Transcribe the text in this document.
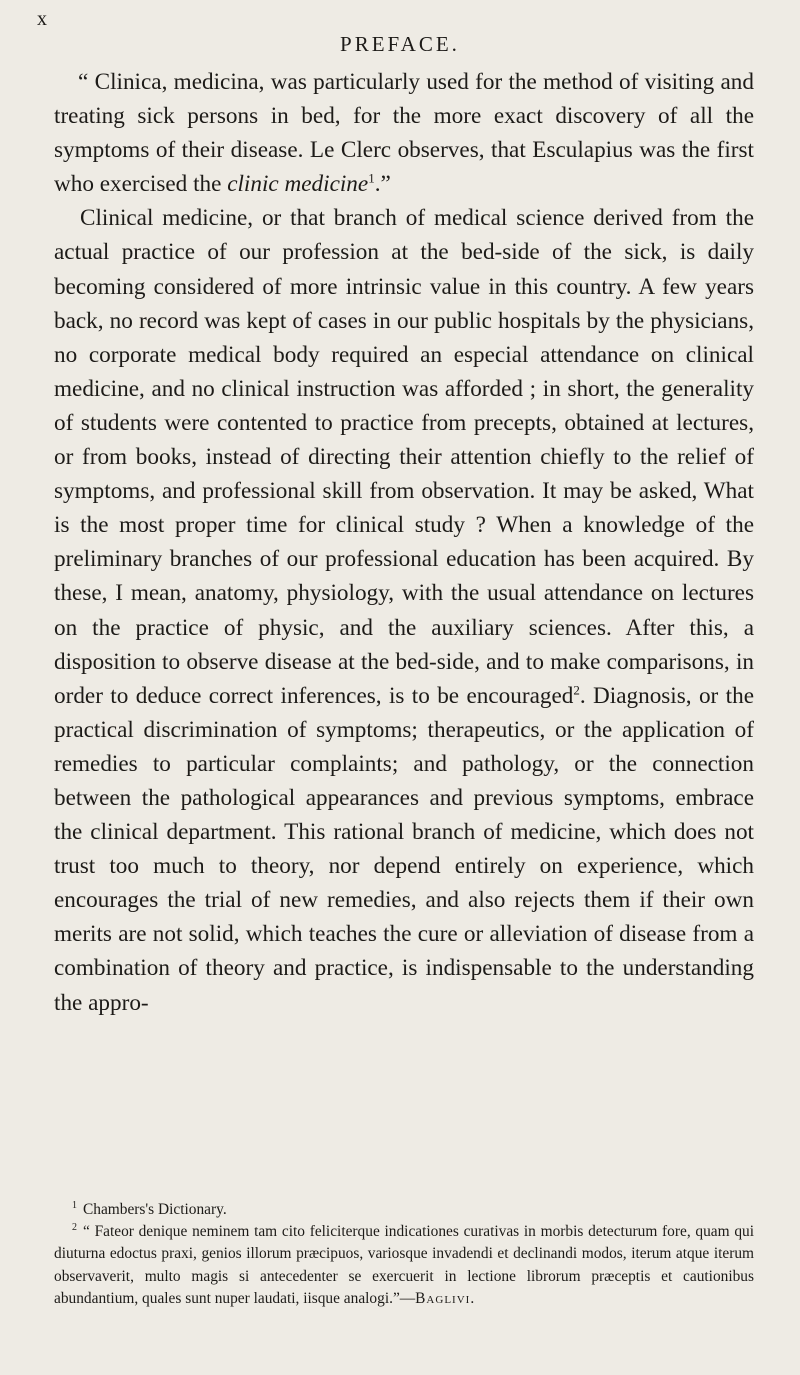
x
PREFACE.

“ Clinica, medicina, was particularly used for the method of visiting and treating sick persons in bed, for the more exact discovery of all the symptoms of their disease. Le Clerc observes, that Esculapius was the first who exercised the clinic medicine$^1$.”

Clinical medicine, or that branch of medical science derived from the actual practice of our profession at the bed-side of the sick, is daily becoming considered of more intrinsic value in this country. A few years back, no record was kept of cases in our public hospitals by the physicians, no corporate medical body required an especial attendance on clinical medicine, and no clinical instruction was afforded ; in short, the generality of students were contented to practice from precepts, obtained at lectures, or from books, instead of directing their attention chiefly to the relief of symptoms, and professional skill from observation. It may be asked, What is the most proper time for clinical study ? When a knowledge of the preliminary branches of our professional education has been acquired. By these, I mean, anatomy, physiology, with the usual attendance on lectures on the practice of physic, and the auxiliary sciences. After this, a disposition to observe disease at the bed-side, and to make comparisons, in order to deduce correct inferences, is to be encouraged$^2$. Diagnosis, or the practical discrimination of symptoms; therapeutics, or the application of remedies to particular complaints; and pathology, or the connection between the pathological appearances and previous symptoms, embrace the clinical department. This rational branch of medicine, which does not trust too much to theory, nor depend entirely on experience, which encourages the trial of new remedies, and also rejects them if their own merits are not solid, which teaches the cure or alleviation of disease from a combination of theory and practice, is indispensable to the understanding the appro-

$^1$ Chambers's Dictionary.

$^2$ “ Fateor denique neminem tam cito feliciterque indicationes curativas in morbis detecturum fore, quam qui diuturna edoctus praxi, genios illorum præcipuos, variosque invadendi et declinandi modos, iterum atque iterum observaverit, multo magis si antecedenter se exercuerit in lectione librorum præceptis et cautionibus abundantium, quales sunt nuper laudati, iisque analogi.”—Baglivi.
